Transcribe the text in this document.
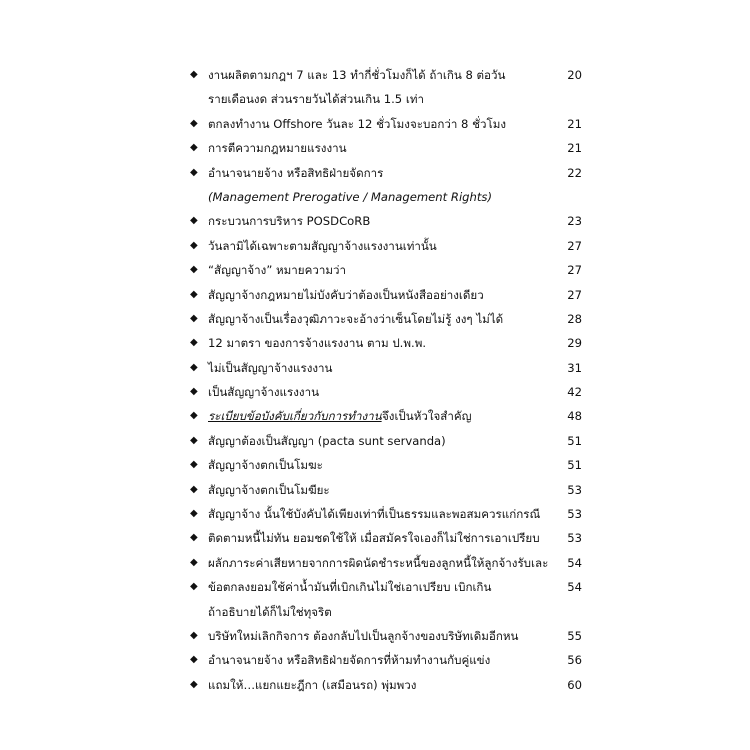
◆ งานผลิตตามกฎฯ 7 และ 13 ทำกี่ชั่วโมงก็ได้ ถ้าเกิน 8 ต่อวัน	20
รายเดือนงด ส่วนรายวันได้ส่วนเกิน 1.5 เท่า
◆ ตกลงทำงาน Offshore วันละ 12 ชั่วโมงจะบอกว่า 8 ชั่วโมง	21
◆ การตีความกฎหมายแรงงาน	21
◆ อำนาจนายจ้าง หรือสิทธิฝ่ายจัดการ	22
(Management Prerogative / Management Rights)
◆ กระบวนการบริหาร POSDCoRB	23
◆ วันลามิได้เฉพาะตามสัญญาจ้างแรงงานเท่านั้น	27
◆ “สัญญาจ้าง” หมายความว่า	27
◆ สัญญาจ้างกฎหมายไม่บังคับว่าต้องเป็นหนังสืออย่างเดียว	27
◆ สัญญาจ้างเป็นเรื่องวุฒิภาวะจะอ้างว่าเซ็นโดยไม่รู้ งงๆ ไม่ได้	28
◆ 12 มาตรา ของการจ้างแรงงาน ตาม ป.พ.พ.	29
◆ ไม่เป็นสัญญาจ้างแรงงาน	31
◆ เป็นสัญญาจ้างแรงงาน	42
◆ ระเบียบข้อบังคับเกี่ยวกับการทำงาน จึงเป็นหัวใจสำคัญ	48
◆ สัญญาต้องเป็นสัญญา (pacta sunt servanda)	51
◆ สัญญาจ้างตกเป็นโมฆะ	51
◆ สัญญาจ้างตกเป็นโมฆียะ	53
◆ สัญญาจ้าง นั้นใช้บังคับได้เพียงเท่าที่เป็นธรรมและพอสมควรแก่กรณี 53
◆ ติดตามหนี้ไม่ทัน ยอมชดใช้ให้ เมื่อสมัครใจเองก็ไม่ใช่การเอาเปรียบ 53
◆ ผลักภาระค่าเสียหายจากการผิดนัดชำระหนี้ของลูกหนี้ให้ลูกจ้างรับเละ 54
◆ ข้อตกลงยอมใช้ค่าน้ำมันที่เบิกเกินไม่ใช่เอาเปรียบ เบิกเกิน	54
ถ้าอธิบายได้ก็ไม่ใช่ทุจริต
◆ บริษัทใหม่เลิกกิจการ ต้องกลับไปเป็นลูกจ้างของบริษัทเดิมอีกหน	55
◆ อำนาจนายจ้าง หรือสิทธิฝ่ายจัดการที่ห้ามทำงานกับคู่แข่ง	56
◆ แถมให้…แยกแยะฎีกา (เสมือนรถ) พุ่มพวง	60
